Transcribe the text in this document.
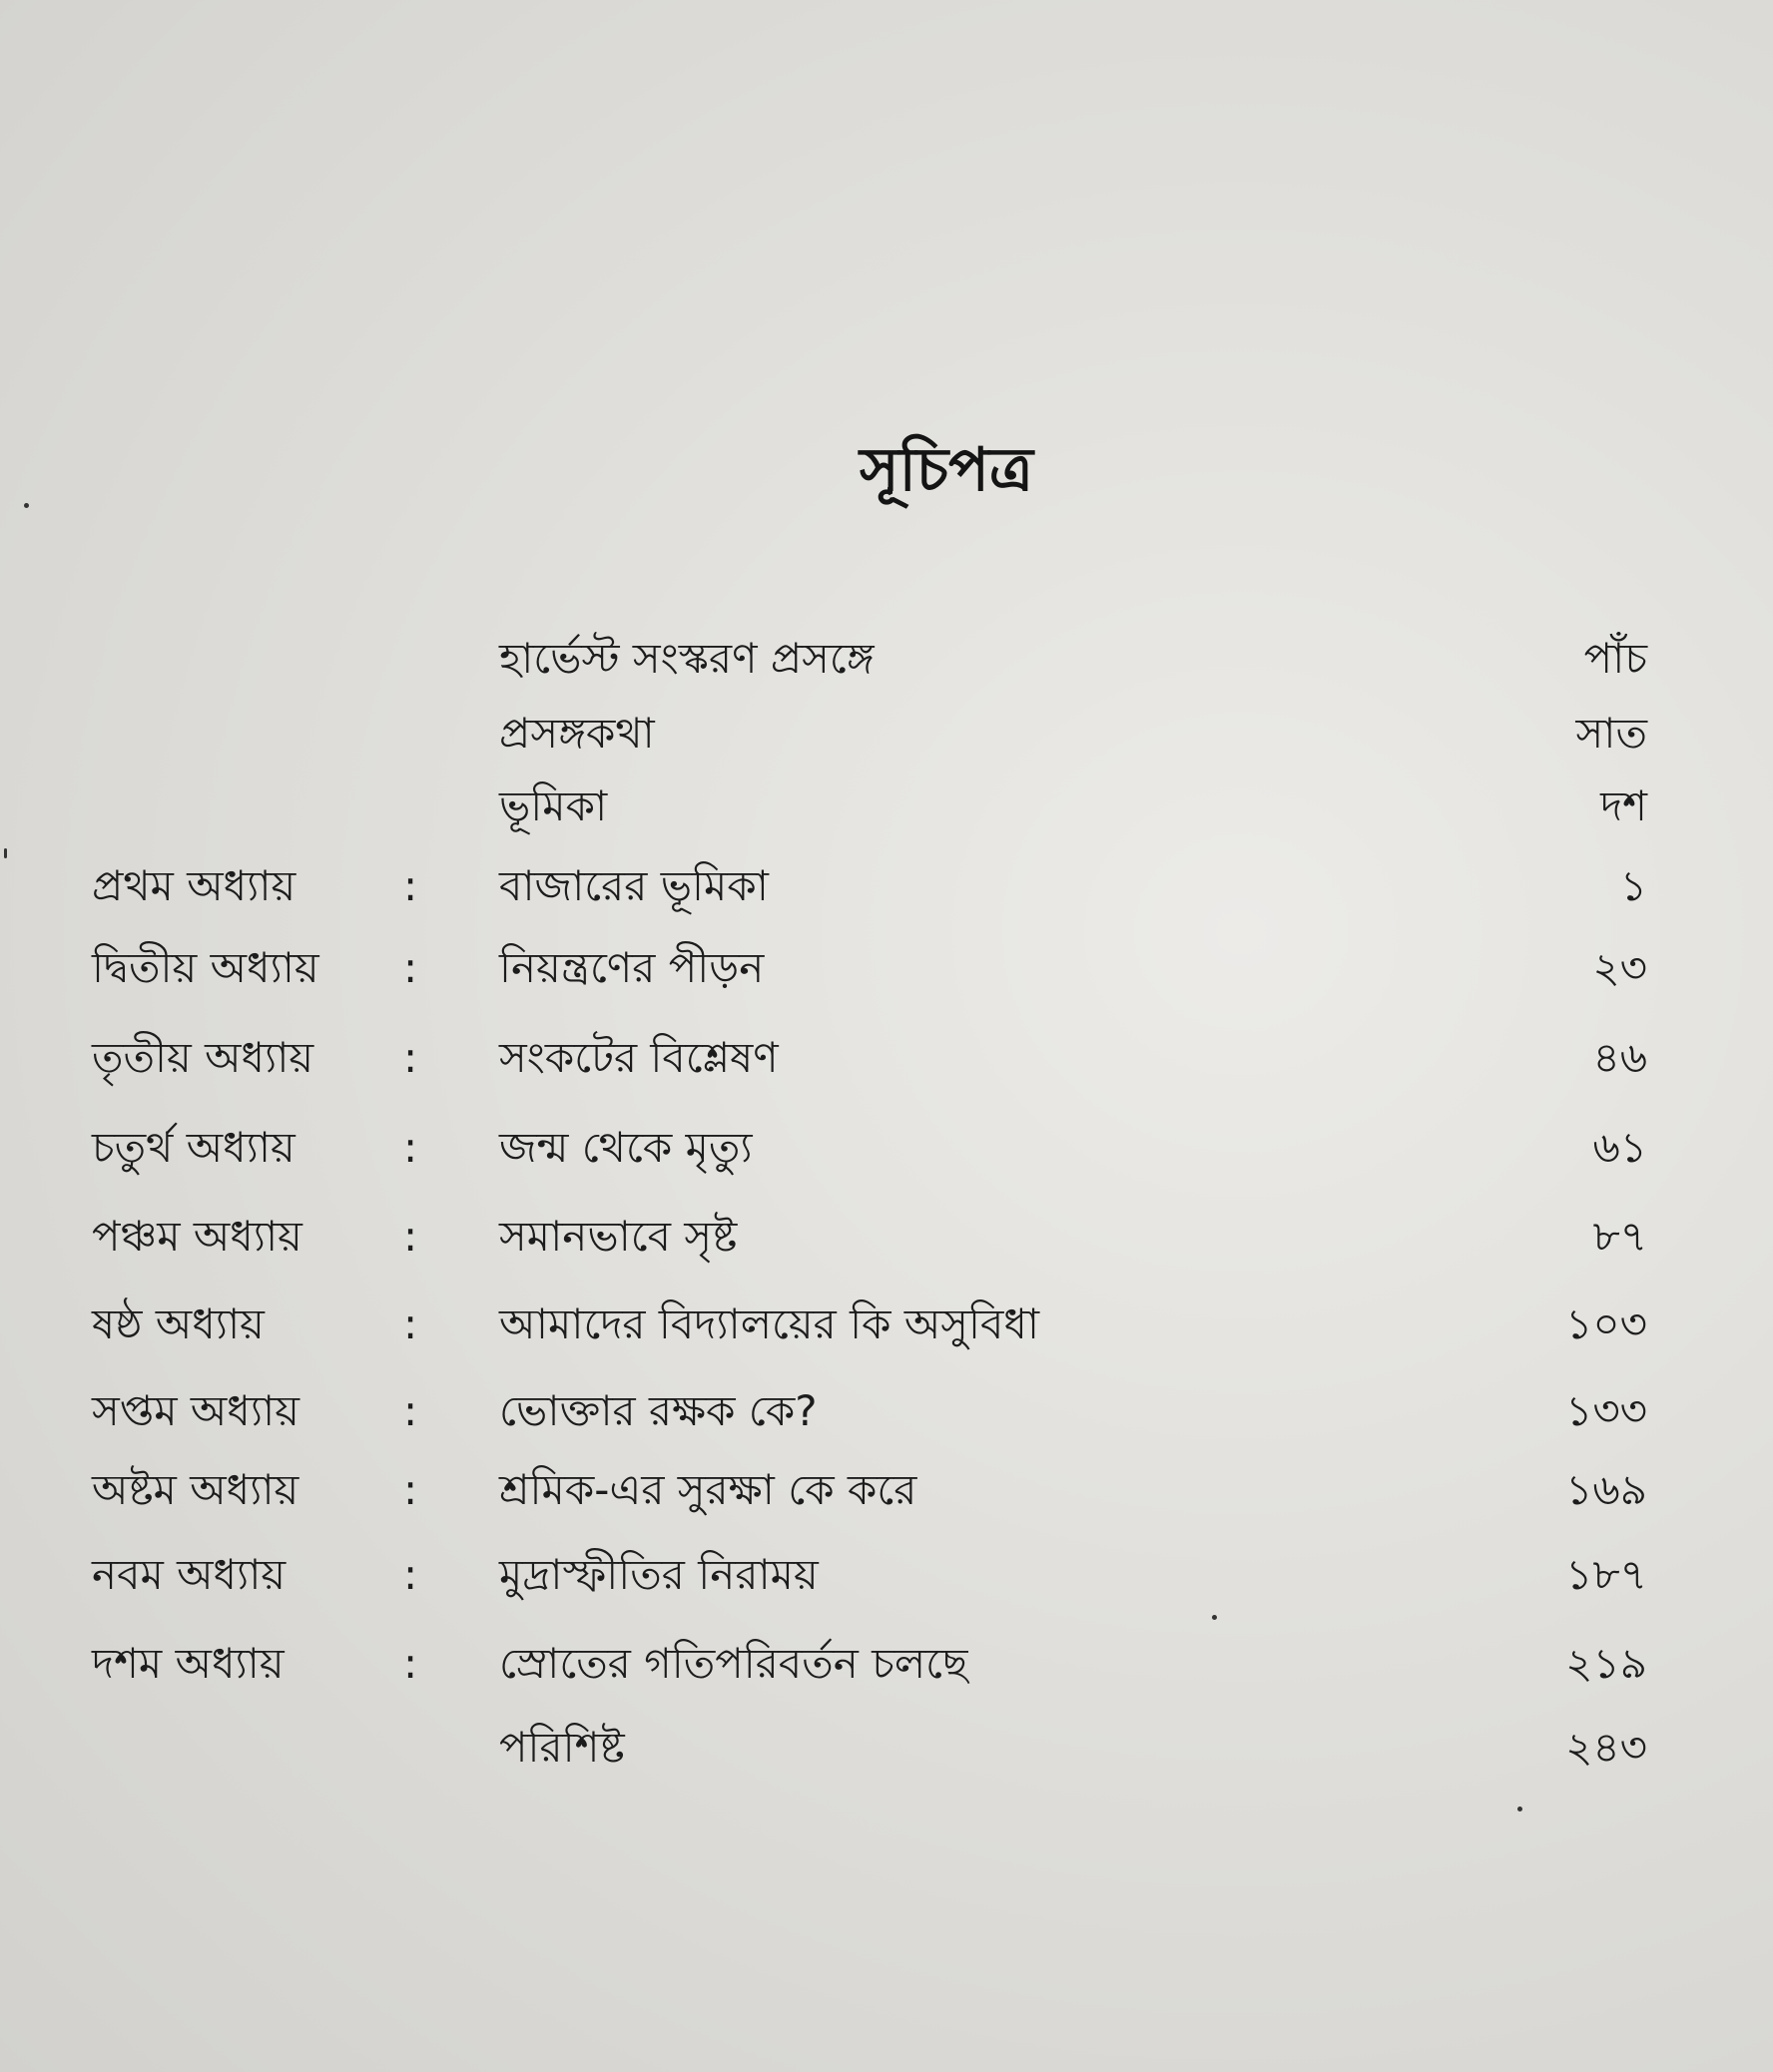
সূচিপত্র
হার্ভেস্ট সংস্করণ প্রসঙ্গে	পাঁচ
প্রসঙ্গকথা	সাত
ভূমিকা	দশ
প্রথম অধ্যায়	: বাজারের ভূমিকা	১
দ্বিতীয় অধ্যায় : নিয়ন্ত্রণের পীড়ন	২৩
তৃতীয় অধ্যায় : সংকটের বিশ্লেষণ	৪৬
চতুর্থ অধ্যায়	: জন্ম থেকে মৃত্যু	৬১
পঞ্চম অধ্যায় : সমানভাবে সৃষ্ট	৮৭
ষষ্ঠ অধ্যায়	: আমাদের বিদ্যালয়ের কি অসুবিধা	১০৩
সপ্তম অধ্যায় : ভোক্তার রক্ষক কে?	১৩৩
অষ্টম অধ্যায় : শ্রমিক-এর সুরক্ষা কে করে	১৬৯
নবম অধ্যায়	: মুদ্রাস্ফীতির নিরাময়	১৮৭
দশম অধ্যায়	: স্রোতের গতিপরিবর্তন চলছে	২১৯
পরিশিষ্ট	২৪৩
